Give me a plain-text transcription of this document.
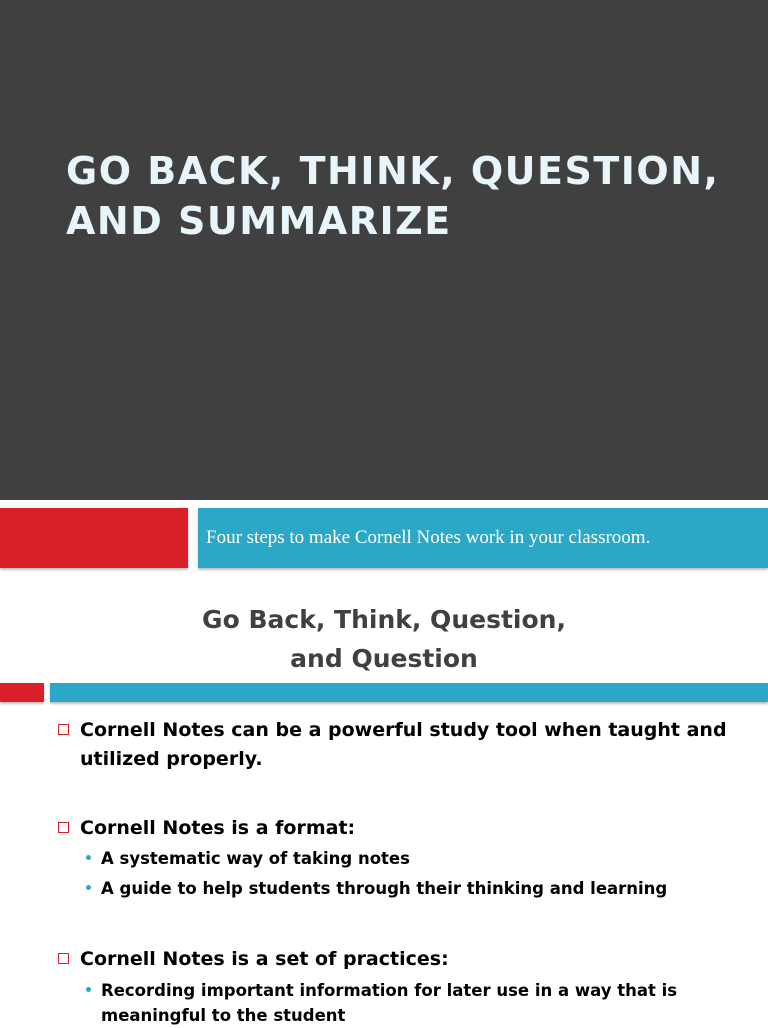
GO BACK, THINK, QUESTION, AND SUMMARIZE

Four steps to make Cornell Notes work in your classroom.

Go Back, Think, Question,
and Question
Cornell Notes can be a powerful study tool when taught and utilized properly.
Cornell Notes is a format:
A systematic way of taking notes
A guide to help students through their thinking and learning
Cornell Notes is a set of practices:
Recording important information for later use in a way that is meaningful to the student
